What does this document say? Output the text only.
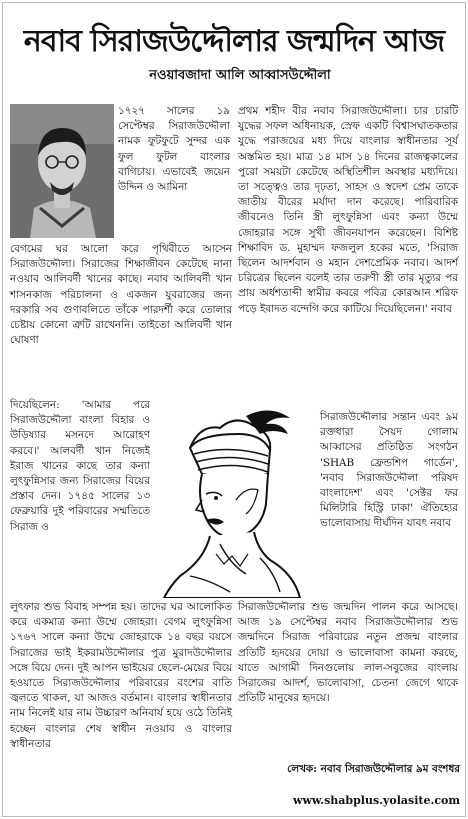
নবাব সিরাজউদ্দৌলার জন্মদিন আজ
নওয়াবজাদা আলি আব্বাসউদ্দৌলা

১৭২৭ সালের ১৯ সেপ্টেম্বর সিরাজউদ্দৌলা নামক ফুটফুটে সুন্দর এক ফুল ফুটল বাংলার বাগিচায়। এভাবেই জয়েন উদ্দিন ও আমিনা

বেগমের ঘর আলো করে পৃথিবীতে আসেন সিরাজউদ্দৌলা। সিরাজের শিক্ষাজীবন কেটেছে নানা নওয়াব আলিবর্দী খানের কাছে। নবাব আলিবর্দী খান শাসনকাজ পরিচালনা ও একজন যুবরাজের জন্য দরকারি সব গুণাবলিতে তাঁকে পারদর্শী করে তোলার চেষ্টায় কোনো ত্রুটি রাখেননি। তাইতো আলিবর্দী খান ঘোষণা

দিয়েছিলেন: 'আমার পরে সিরাজউদ্দৌলা বাংলা বিহার ও উড়িষ্যার মসনদে আরোহণ করবে।' আলবর্দী খান নিজেই ইরাজ খানের কাছে তার কন্যা লুৎফুন্নিসার জন্য সিরাজের বিয়ের প্রস্তাব দেন। ১৭৪৫ সালের ১৩ ফেব্রুয়ারি দুই পরিবারের সম্মতিতে সিরাজ ও

লুৎফার শুভ বিবাহ সম্পন্ন হয়। তাদের ঘর আলোকিত করে একমাত্র কন্যা উম্মে জোহরা। বেগম লুৎফুন্নিসা ১৭৬৭ সালে কন্যা উম্মে জোহরাকে ১৪ বছর বয়সে সিরাজের ভাই ইকরামউদ্দৌলার পুত্র মুরাদউদ্দৌলার সঙ্গে বিয়ে দেন। দুই আপন ভাইয়ের ছেলে-মেয়ের বিয়ে হওয়াতে সিরাজউদ্দৌলার পরিবারের বংশের বাতি জ্বলতে থাকল, যা আজও বর্তমান। বাংলার স্বাধীনতার নাম নিলেই যার নাম উচ্চারণ অনিবার্য হয়ে ওঠে তিনিই হচ্ছেন বাংলার শেষ স্বাধীন নওয়াব ও বাংলার স্বাধীনতার

প্রথম শহীদ বীর নবাব সিরাজউদ্দৌলা। চার চারটি যুদ্ধের সফল অধিনায়ক, স্রেফ একটি বিশ্বাসঘাতকতার যুদ্ধে পরাজয়ের মধ্য দিয়ে বাংলার স্বাধীনতার সূর্য অস্তমিত হয়। মাত্র ১৪ মাস ১৪ দিনের রাজত্বকালের পুরো সময়টা কেটেছে অস্থিতিশীল অবস্থার মধ্যদিয়ে। তা সত্ত্বেও তার দৃঢ়তা, সাহস ও স্বদেশ প্রেম তাকে জাতীয় বীরের মর্যাদা দান করেছে। পারিবারিক জীবনেও তিনি স্ত্রী লুৎফুন্নিসা এবং কন্যা উম্মে জোহরার সঙ্গে সুখী জীবনযাপন করেছেন। বিশিষ্ট শিক্ষাবিদ ড. মুহাম্মদ ফজলুল হকের মতে, 'সিরাজ ছিলেন আদর্শবান ও মহান দেশপ্রেমিক নবাব। আদর্শ চরিত্রের ছিলেন বলেই তার তরুণী স্ত্রী তার মৃত্যুর পর প্রায় অর্ধশতাব্দী স্বামীর কবরে পবিত্র কোরআন শরিফ পড়ে ইবাদত বন্দেগি করে কাটিয়ে দিয়েছিলেন।' নবাব

সিরাজউদ্দৌলার সন্তান এবং ৯ম রক্তধারা সৈয়দ গোলাম আব্বাসের প্রতিষ্ঠিত সংগঠন 'SHAB ফ্রেন্ডশিপ গার্ডেন', 'নবাব সিরাজউদ্দৌলা পরিষদ বাংলাদেশ' এবং 'সেক্টর ফর মিলিটারি হিস্ট্রি ঢাকা' ঐতিহ্যের ভালোবাসায় দীর্ঘদিন যাবৎ নবাব

সিরাজউদ্দৌলার শুভ জন্মদিন পালন করে আসছে। আজ ১৯ সেপ্টেম্বর নবাব সিরাজউদ্দৌলার শুভ জন্মদিনে সিরাজ পরিবারের নতুন প্রজন্ম বাংলার প্রতিটি হৃদয়ের দোয়া ও ভালোবাসা কামনা করছে, যাতে আগামী দিনগুলোয় লাল-সবুজের বাংলায় সিরাজের আদর্শ, ভালোবাসা, চেতনা জেগে থাকে প্রতিটি মানুষের হৃদয়ে।

লেখক: নবাব সিরাজউদ্দৌলার ৯ম বংশধর
www.shabplus.yolasite.com
